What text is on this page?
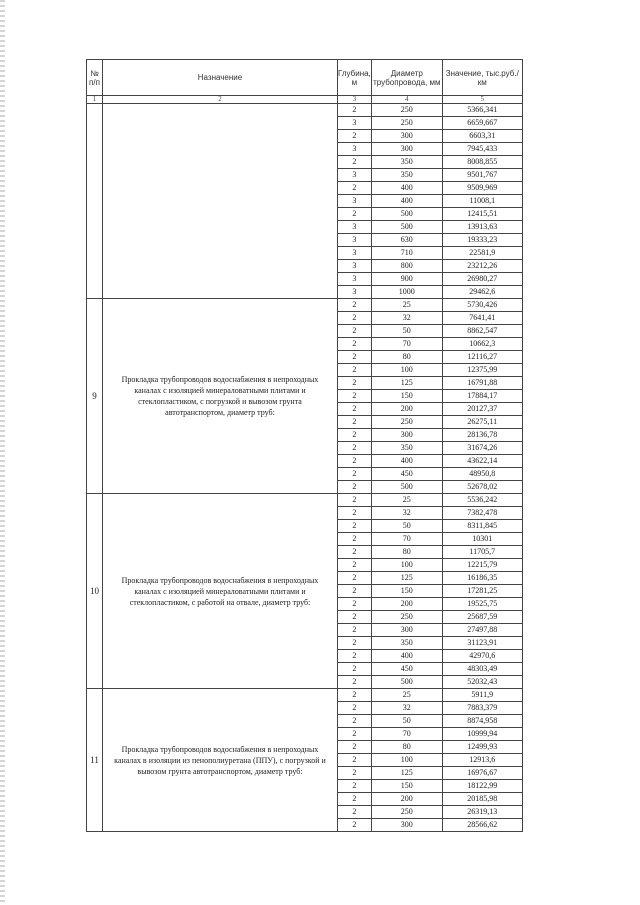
№ п/п	Назначение	Глубина, м	Диаметр трубопровода, мм	Значение, тыс.руб./км
1	2	3	4	5
		2	250	5366,341
		3	250	6659,667
		2	300	6603,31
		3	300	7945,433
		2	350	8008,855
		3	350	9501,767
		2	400	9509,969
		3	400	11008,1
		2	500	12415,51
		3	500	13913,63
		3	630	19333,23
		3	710	22581,9
		3	800	23212,26
		3	900	26980,27
		3	1000	29462,6
9	Прокладка трубопроводов водоснабжения в непроходных каналах с изоляцией минераловатными плитами и стеклопластиком, с погрузкой и вывозом грунта автотранспортом, диаметр труб:	2	25	5730,426
		2	32	7641,41
		2	50	8862,547
		2	70	10662,3
		2	80	12116,27
		2	100	12375,99
		2	125	16791,88
		2	150	17884,17
		2	200	20127,37
		2	250	26275,11
		2	300	28136,78
		2	350	31674,26
		2	400	43622,14
		2	450	48950,8
		2	500	52678,02
10	Прокладка трубопроводов водоснабжения в непроходных каналах с изоляцией минераловатными плитами и стеклопластиком, с работой на отвале, диаметр труб:	2	25	5536,242
		2	32	7382,478
		2	50	8311,845
		2	70	10301
		2	80	11705,7
		2	100	12215,79
		2	125	16186,35
		2	150	17281,25
		2	200	19525,75
		2	250	25687,59
		2	300	27497,88
		2	350	31123,91
		2	400	42970,6
		2	450	48303,49
		2	500	52032,43
11	Прокладка трубопроводов водоснабжения в непроходных каналах в изоляции из пенополиуретана (ППУ), с погрузкой и вывозом грунта автотранспортом, диаметр труб:	2	25	5911,9
		2	32	7883,379
		2	50	8874,958
		2	70	10999,94
		2	80	12499,93
		2	100	12913,6
		2	125	16976,67
		2	150	18122,99
		2	200	20185,98
		2	250	26319,13
		2	300	28566,62
